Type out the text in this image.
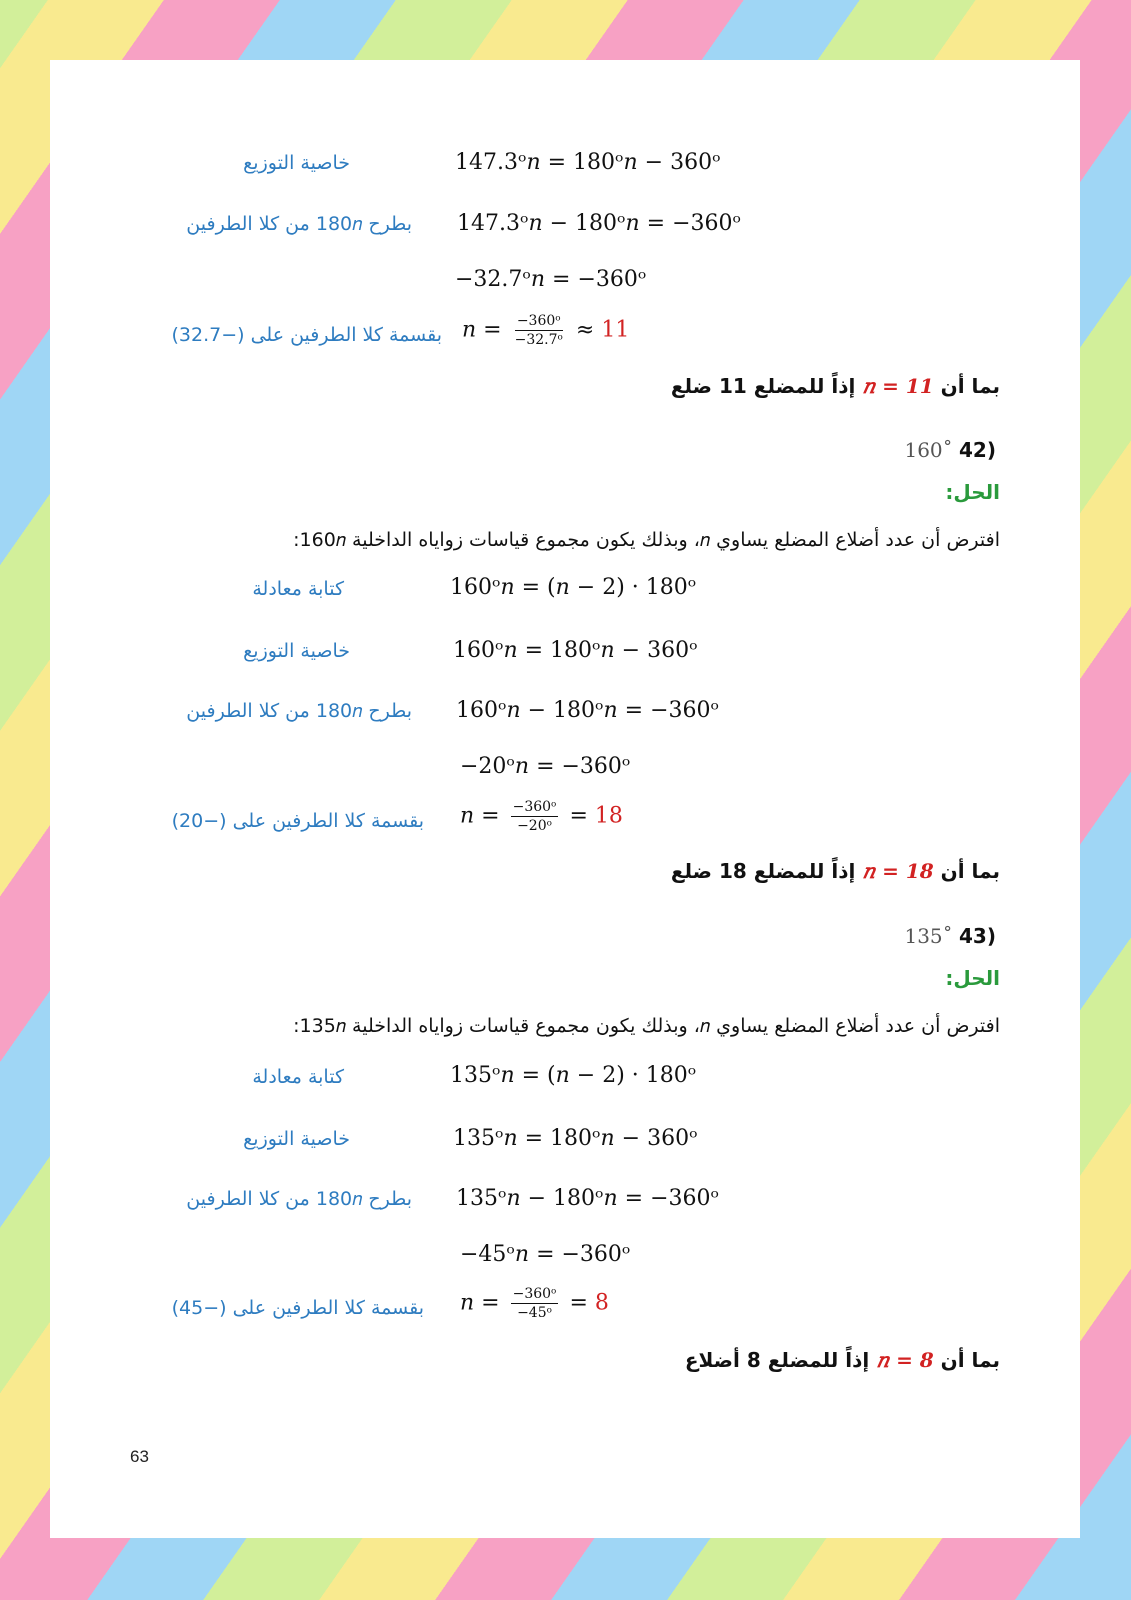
خاصية التوزيع	147.3ᵒ𝑛 = 180ᵒ𝑛 − 360ᵒ
بطرح 180𝑛 من كلا الطرفين 147.3ᵒ𝑛 − 180ᵒ𝑛 = −360ᵒ
−32.7ᵒ𝑛 = −360ᵒ
بقسمة كلا الطرفين على (−32.7) 𝑛 = $\frac{\text{−360ᵒ}}{\text{−32.7ᵒ}} \approx 11$
بما أن 𝑛 = 11 إذاً للمضلع 11 ضلع
(42 160˚
الحل:
افترض أن عدد أضلاع المضلع يساوي 𝑛، وبذلك يكون مجموع قياسات زواياه الداخلية 160𝑛:
كتابة معادلة	160ᵒ𝑛 = (𝑛 − 2) · 180ᵒ
خاصية التوزيع	160ᵒ𝑛 = 180ᵒ𝑛 − 360ᵒ
بطرح 180𝑛 من كلا الطرفين 160ᵒ𝑛 − 180ᵒ𝑛 = −360ᵒ
−20ᵒ𝑛 = −360ᵒ
بقسمة كلا الطرفين على (−20) 𝑛 = $\frac{\text{−360ᵒ}}{\text{−20ᵒ}} = 18$
بما أن 𝑛 = 18 إذاً للمضلع 18 ضلع
(43 135˚
الحل:
افترض أن عدد أضلاع المضلع يساوي 𝑛، وبذلك يكون مجموع قياسات زواياه الداخلية 135𝑛:
كتابة معادلة	135ᵒ𝑛 = (𝑛 − 2) · 180ᵒ
خاصية التوزيع	135ᵒ𝑛 = 180ᵒ𝑛 − 360ᵒ
بطرح 180𝑛 من كلا الطرفين 135ᵒ𝑛 − 180ᵒ𝑛 = −360ᵒ
−45ᵒ𝑛 = −360ᵒ
بقسمة كلا الطرفين على (−45) 𝑛 = $\frac{\text{−360ᵒ}}{\text{−45ᵒ}} = 8$
بما أن 𝑛 = 8 إذاً للمضلع 8 أضلاع
63
